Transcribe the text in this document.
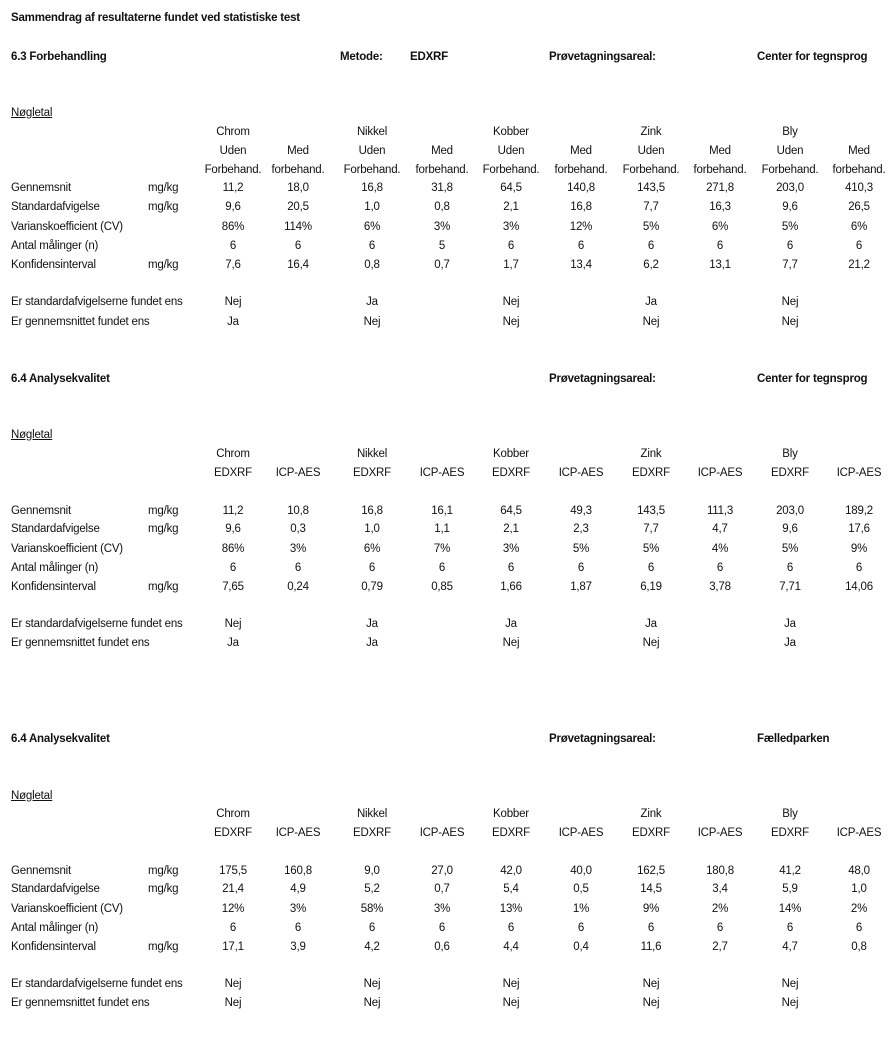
Sammendrag af resultaterne fundet ved statistiske test
6.3 Forbehandling	Metode: EDXRF	Prøvetagningsareal:	Center for tegnsprog
Nøgletal
Chrom	Nikkel	Kobber	Zink	Bly
Uden	Med	Uden	Med	Uden	Med	Uden	Med	Uden	Med
Forbehand. forbehand. Forbehand. forbehand. Forbehand. forbehand. Forbehand. forbehand. Forbehand. forbehand.
Gennemsnit	mg/kg	11,2	18,0	16,8	31,8	64,5	140,8	143,5	271,8	203,0	410,3
Standardafvigelse	mg/kg	9,6	20,5	1,0	0,8	2,1	16,8	7,7	16,3	9,6	26,5
Varianskoefficient (CV)	86%	114%	6%	3%	3%	12%	5%	6%	5%	6%
Antal målinger (n)	6	6	6	5	6	6	6	6	6	6
Konfidensinterval	mg/kg	7,6	16,4	0,8	0,7	1,7	13,4	6,2	13,1	7,7	21,2
Er standardafvigelserne fundet ens	Nej	Ja	Nej	Ja	Nej
Er gennemsnittet fundet ens	Ja	Nej	Nej	Nej	Nej
6.4 Analysekvalitet	Prøvetagningsareal:	Center for tegnsprog
Nøgletal
Chrom	Nikkel	Kobber	Zink	Bly
EDXRF ICP-AES	EDXRF ICP-AES EDXRF ICP-AES EDXRF ICP-AES EDXRF ICP-AES
Gennemsnit	mg/kg	11,2	10,8	16,8	16,1	64,5	49,3	143,5	111,3	203,0	189,2
Standardafvigelse	mg/kg	9,6	0,3	1,0	1,1	2,1	2,3	7,7	4,7	9,6	17,6
Varianskoefficient (CV)	86%	3%	6%	7%	3%	5%	5%	4%	5%	9%
Antal målinger (n)	6	6	6	6	6	6	6	6	6	6
Konfidensinterval	mg/kg	7,65	0,24	0,79	0,85	1,66	1,87	6,19	3,78	7,71	14,06
Er standardafvigelserne fundet ens	Nej	Ja	Ja	Ja	Ja
Er gennemsnittet fundet ens	Ja	Ja	Nej	Nej	Ja
6.4 Analysekvalitet	Prøvetagningsareal:	Fælledparken
Nøgletal
Chrom	Nikkel	Kobber	Zink	Bly
EDXRF ICP-AES	EDXRF ICP-AES EDXRF ICP-AES EDXRF ICP-AES EDXRF ICP-AES
Gennemsnit	mg/kg	175,5	160,8	9,0	27,0	42,0	40,0	162,5	180,8	41,2	48,0
Standardafvigelse	mg/kg	21,4	4,9	5,2	0,7	5,4	0,5	14,5	3,4	5,9	1,0
Varianskoefficient (CV)	12%	3%	58%	3%	13%	1%	9%	2%	14%	2%
Antal målinger (n)	6	6	6	6	6	6	6	6	6	6
Konfidensinterval	mg/kg	17,1	3,9	4,2	0,6	4,4	0,4	11,6	2,7	4,7	0,8
Er standardafvigelserne fundet ens	Nej	Nej	Nej	Nej	Nej
Er gennemsnittet fundet ens	Nej	Nej	Nej	Nej	Nej
